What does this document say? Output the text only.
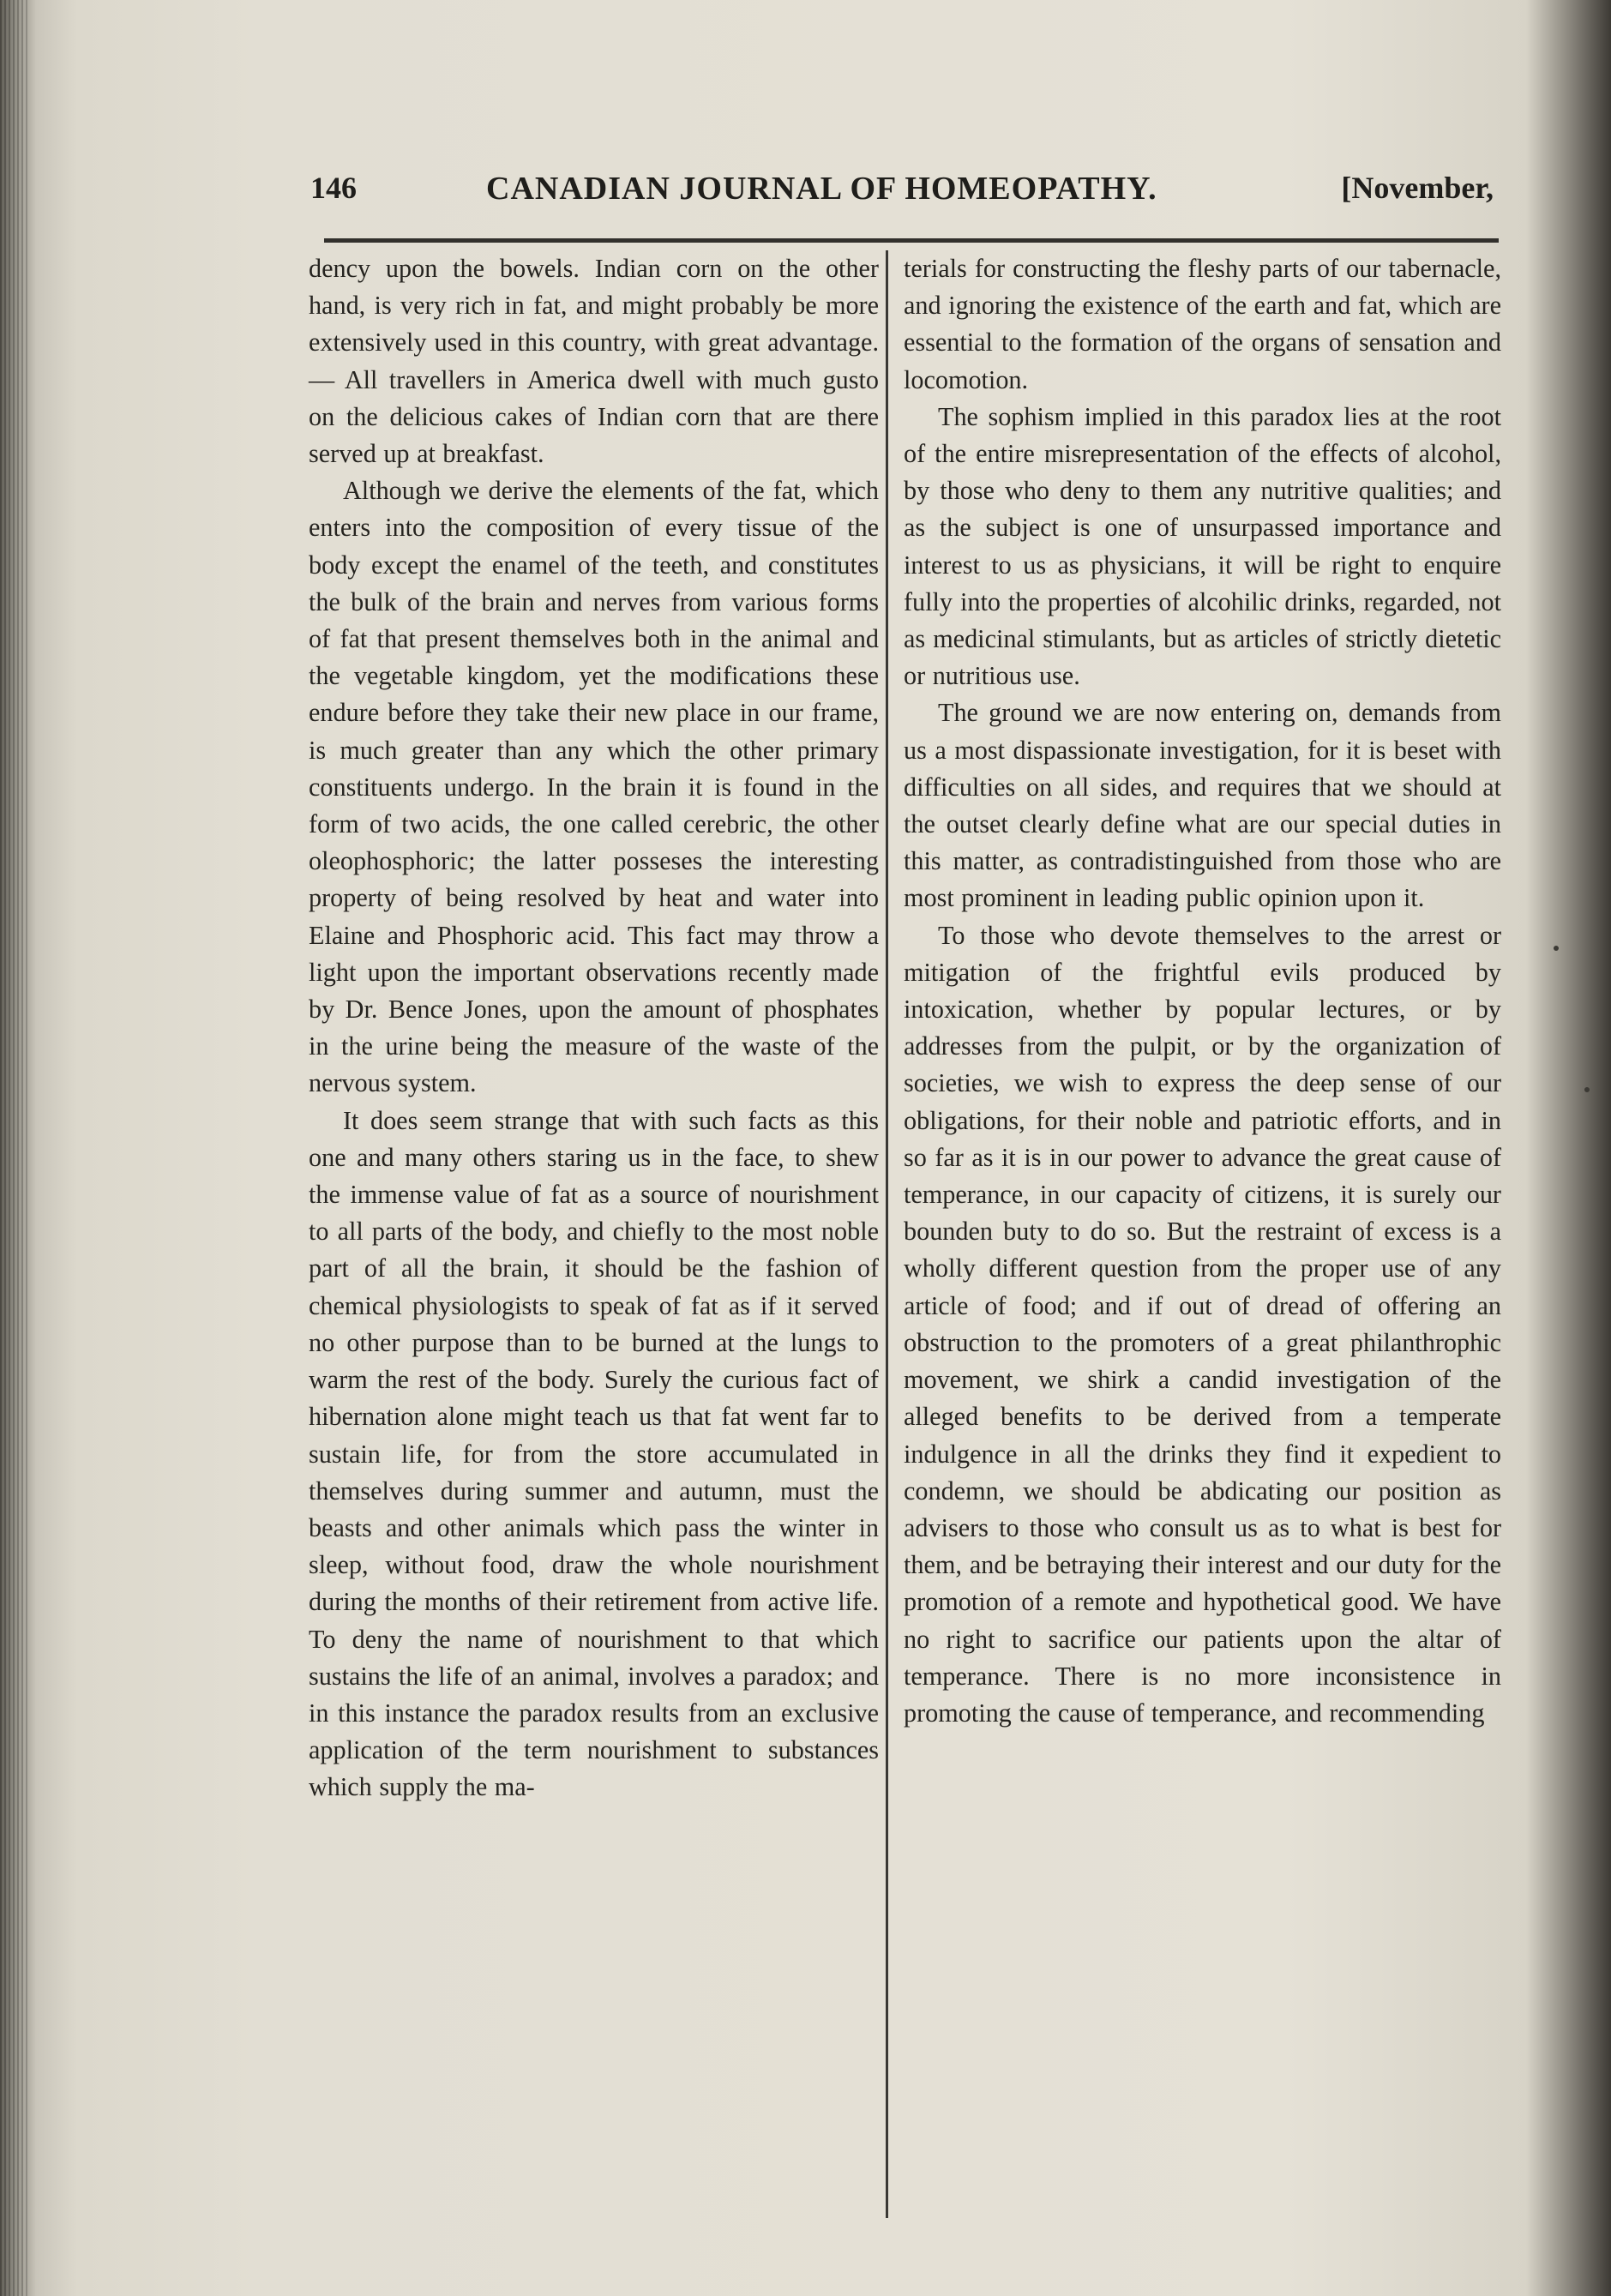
146	CANADIAN JOURNAL OF HOMEOPATHY.	[November,

dency upon the bowels. Indian corn on the other hand, is very rich in fat, and might probably be more extensively used in this country, with great advantage.— All travellers in America dwell with much gusto on the delicious cakes of Indian corn that are there served up at breakfast.

Although we derive the elements of the fat, which enters into the composition of every tissue of the body except the enamel of the teeth, and constitutes the bulk of the brain and nerves from various forms of fat that present themselves both in the animal and the vegetable kingdom, yet the modifications these endure before they take their new place in our frame, is much greater than any which the other primary constituents undergo. In the brain it is found in the form of two acids, the one called cerebric, the other oleophosphoric; the latter posseses the interesting property of being resolved by heat and water into Elaine and Phosphoric acid. This fact may throw a light upon the important observations recently made by Dr. Bence Jones, upon the amount of phosphates in the urine being the measure of the waste of the nervous system.

It does seem strange that with such facts as this one and many others staring us in the face, to shew the immense value of fat as a source of nourishment to all parts of the body, and chiefly to the most noble part of all the brain, it should be the fashion of chemical physiologists to speak of fat as if it served no other purpose than to be burned at the lungs to warm the rest of the body. Surely the curious fact of hibernation alone might teach us that fat went far to sustain life, for from the store accumulated in themselves during summer and autumn, must the beasts and other animals which pass the winter in sleep, without food, draw the whole nourishment during the months of their retirement from active life. To deny the name of nourishment to that which sustains the life of an animal, involves a paradox; and in this instance the paradox results from an exclusive application of the term nourishment to substances which supply the ma-

terials for constructing the fleshy parts of our tabernacle, and ignoring the existence of the earth and fat, which are essential to the formation of the organs of sensation and locomotion.

The sophism implied in this paradox lies at the root of the entire misrepresentation of the effects of alcohol, by those who deny to them any nutritive qualities; and as the subject is one of unsurpassed importance and interest to us as physicians, it will be right to enquire fully into the properties of alcohilic drinks, regarded, not as medicinal stimulants, but as articles of strictly dietetic or nutritious use.

The ground we are now entering on, demands from us a most dispassionate investigation, for it is beset with difficulties on all sides, and requires that we should at the outset clearly define what are our special duties in this matter, as contradistinguished from those who are most prominent in leading public opinion upon it.

To those who devote themselves to the arrest or mitigation of the frightful evils produced by intoxication, whether by popular lectures, or by addresses from the pulpit, or by the organization of societies, we wish to express the deep sense of our obligations, for their noble and patriotic efforts, and in so far as it is in our power to advance the great cause of temperance, in our capacity of citizens, it is surely our bounden buty to do so. But the restraint of excess is a wholly different question from the proper use of any article of food; and if out of dread of offering an obstruction to the promoters of a great philanthrophic movement, we shirk a candid investigation of the alleged benefits to be derived from a temperate indulgence in all the drinks they find it expedient to condemn, we should be abdicating our position as advisers to those who consult us as to what is best for them, and be betraying their interest and our duty for the promotion of a remote and hypothetical good. We have no right to sacrifice our patients upon the altar of temperance. There is no more inconsistence in promoting the cause of temperance, and recommending
